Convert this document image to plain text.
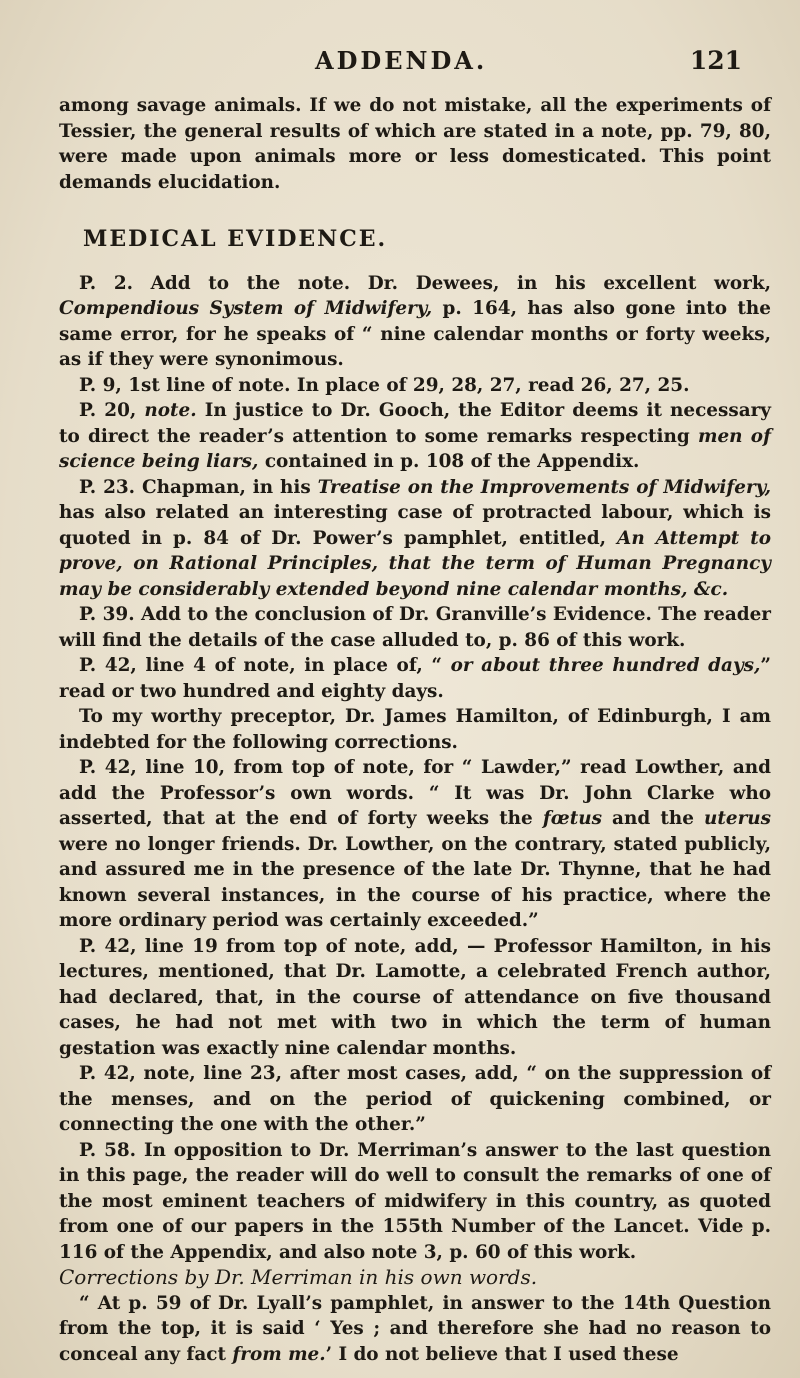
ADDENDA.	121

among savage animals. If we do not mistake, all the experiments of Tessier, the general results of which are stated in a note, pp. 79, 80, were made upon animals more or less domesticated. This point demands elucidation.

MEDICAL EVIDENCE.

P. 2. Add to the note. Dr. Dewees, in his excellent work, Compendious System of Midwifery, p. 164, has also gone into the same error, for he speaks of “ nine calendar months or forty weeks, as if they were synonimous.

P. 9, 1st line of note. In place of 29, 28, 27, read 26, 27, 25.

P. 20, note. In justice to Dr. Gooch, the Editor deems it necessary to direct the reader’s attention to some remarks respecting men of science being liars, contained in p. 108 of the Appendix.

P. 23. Chapman, in his Treatise on the Improvements of Midwifery, has also related an interesting case of protracted labour, which is quoted in p. 84 of Dr. Power’s pamphlet, entitled, An Attempt to prove, on Rational Principles, that the term of Human Pregnancy may be considerably extended beyond nine calendar months, &c.

P. 39. Add to the conclusion of Dr. Granville’s Evidence. The reader will find the details of the case alluded to, p. 86 of this work.

P. 42, line 4 of note, in place of, “ or about three hundred days,” read or two hundred and eighty days.

To my worthy preceptor, Dr. James Hamilton, of Edinburgh, I am indebted for the following corrections.

P. 42, line 10, from top of note, for “ Lawder,” read Lowther, and add the Professor’s own words. “ It was Dr. John Clarke who asserted, that at the end of forty weeks the fœtus and the uterus were no longer friends. Dr. Lowther, on the contrary, stated publicly, and assured me in the presence of the late Dr. Thynne, that he had known several instances, in the course of his practice, where the more ordinary period was certainly exceeded.”

P. 42, line 19 from top of note, add, — Professor Hamilton, in his lectures, mentioned, that Dr. Lamotte, a celebrated French author, had declared, that, in the course of attendance on five thousand cases, he had not met with two in which the term of human gestation was exactly nine calendar months.

P. 42, note, line 23, after most cases, add, “ on the suppression of the menses, and on the period of quickening combined, or connecting the one with the other.”

P. 58. In opposition to Dr. Merriman’s answer to the last question in this page, the reader will do well to consult the remarks of one of the most eminent teachers of midwifery in this country, as quoted from one of our papers in the 155th Number of the Lancet. Vide p. 116 of the Appendix, and also note 3, p. 60 of this work.

Corrections by Dr. Merriman in his own words.

“ At p. 59 of Dr. Lyall’s pamphlet, in answer to the 14th Question from the top, it is said ‘ Yes ; and therefore she had no reason to conceal any fact from me.’ I do not believe that I used these
